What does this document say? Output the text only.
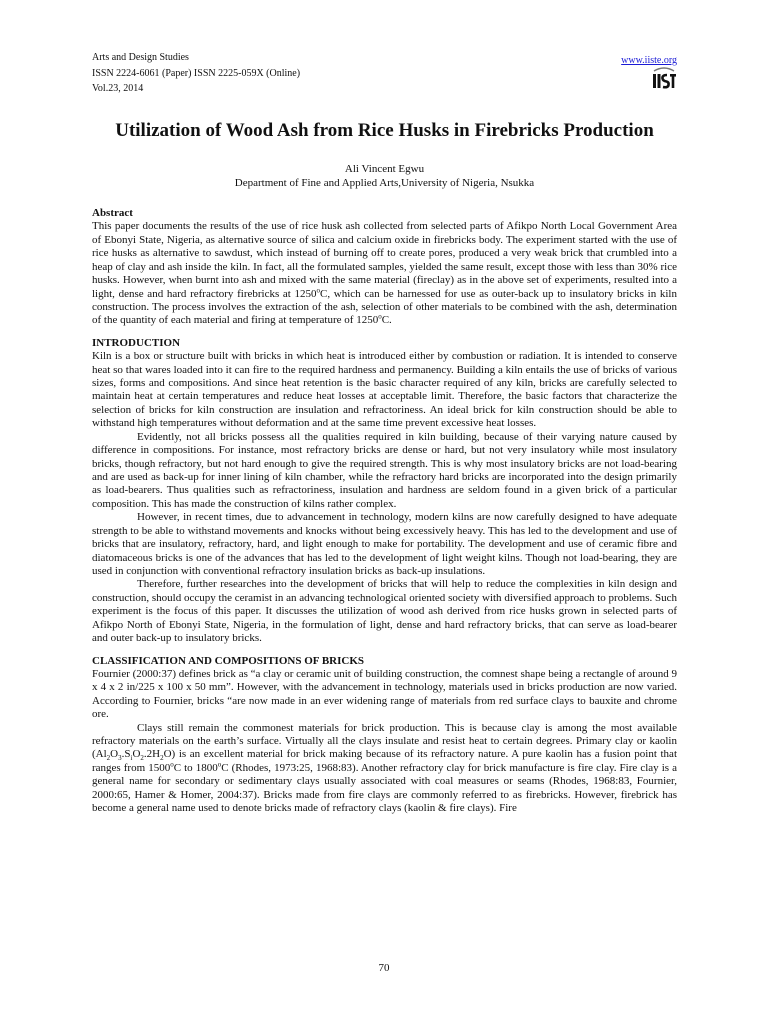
Arts and Design Studies
ISSN 2224-6061 (Paper) ISSN 2225-059X (Online)
Vol.23, 2014
www.iiste.org
Utilization of Wood Ash from Rice Husks in Firebricks Production
Ali Vincent Egwu
Department of Fine and Applied Arts,University of Nigeria, Nsukka

Abstract

This paper documents the results of the use of rice husk ash collected from selected parts of Afikpo North Local Government Area of Ebonyi State, Nigeria, as alternative source of silica and calcium oxide in firebricks body. The experiment started with the use of rice husks as alternative to sawdust, which instead of burning off to create pores, produced a very weak brick that crumbled into a heap of clay and ash inside the kiln. In fact, all the formulated samples, yielded the same result, except those with less than 30% rice husks. However, when burnt into ash and mixed with the same material (fireclay) as in the above set of experiments, resulted into a light, dense and hard refractory firebricks at 1250$^o$C, which can be harnessed for use as outer-back up to insulatory bricks in kiln construction. The process involves the extraction of the ash, selection of other materials to be combined with the ash, determination of the quantity of each material and firing at temperature of 1250$^o$C.

INTRODUCTION

Kiln is a box or structure built with bricks in which heat is introduced either by combustion or radiation. It is intended to conserve heat so that wares loaded into it can fire to the required hardness and permanency. Building a kiln entails the use of bricks of various sizes, forms and compositions. And since heat retention is the basic character required of any kiln, bricks are carefully selected to maintain heat at certain temperatures and reduce heat losses at acceptable limit. Therefore, the basic factors that characterize the selection of bricks for kiln construction are insulation and refractoriness. An ideal brick for kiln construction should be able to withstand high temperatures without deformation and at the same time prevent excessive heat losses.

Evidently, not all bricks possess all the qualities required in kiln building, because of their varying nature caused by difference in compositions. For instance, most refractory bricks are dense or hard, but not very insulatory while most insulatory bricks, though refractory, but not hard enough to give the required strength. This is why most insulatory bricks are not load-bearing and are used as back-up for inner lining of kiln chamber, while the refractory hard bricks are incorporated into the design primarily as load-bearers. Thus qualities such as refractoriness, insulation and hardness are seldom found in a given brick of a particular composition. This has made the construction of kilns rather complex.

However, in recent times, due to advancement in technology, modern kilns are now carefully designed to have adequate strength to be able to withstand movements and knocks without being excessively heavy. This has led to the development and use of bricks that are insulatory, refractory, hard, and light enough to make for portability. The development and use of ceramic fibre and diatomaceous bricks is one of the advances that has led to the development of light weight kilns. Though not load-bearing, they are used in conjunction with conventional refractory insulation bricks as back-up insulations.

Therefore, further researches into the development of bricks that will help to reduce the complexities in kiln design and construction, should occupy the ceramist in an advancing technological oriented society with diversified approach to problems. Such experiment is the focus of this paper. It discusses the utilization of wood ash derived from rice husks grown in selected parts of Afikpo North of Ebonyi State, Nigeria, in the formulation of light, dense and hard refractory bricks, that can serve as load-bearer and outer back-up to insulatory bricks.

CLASSIFICATION AND COMPOSITIONS OF BRICKS

Fournier (2000:37) defines brick as “a clay or ceramic unit of building construction, the comnest shape being a rectangle of around 9 x 4 x 2 in/225 x 100 x 50 mm”. However, with the advancement in technology, materials used in bricks production are now varied. According to Fournier, bricks “are now made in an ever widening range of materials from red surface clays to bauxite and chrome ore.

Clays still remain the commonest materials for brick production. This is because clay is among the most available refractory materials on the earth’s surface. Virtually all the clays insulate and resist heat to certain degrees. Primary clay or kaolin $(Al_2O_3.S_iO_2.2H_2O)$ is an excellent material for brick making because of its refractory nature. A pure kaolin has a fusion point that ranges from 1500$^o$C to 1800$^o$C (Rhodes, 1973:25, 1968:83). Another refractory clay for brick manufacture is fire clay. Fire clay is a general name for secondary or sedimentary clays usually associated with coal measures or seams (Rhodes, 1968:83, Fournier, 2000:65, Hamer & Homer, 2004:37). Bricks made from fire clays are commonly referred to as firebricks. However, firebrick has become a general name used to denote bricks made of refractory clays (kaolin & fire clays). Fire

70
